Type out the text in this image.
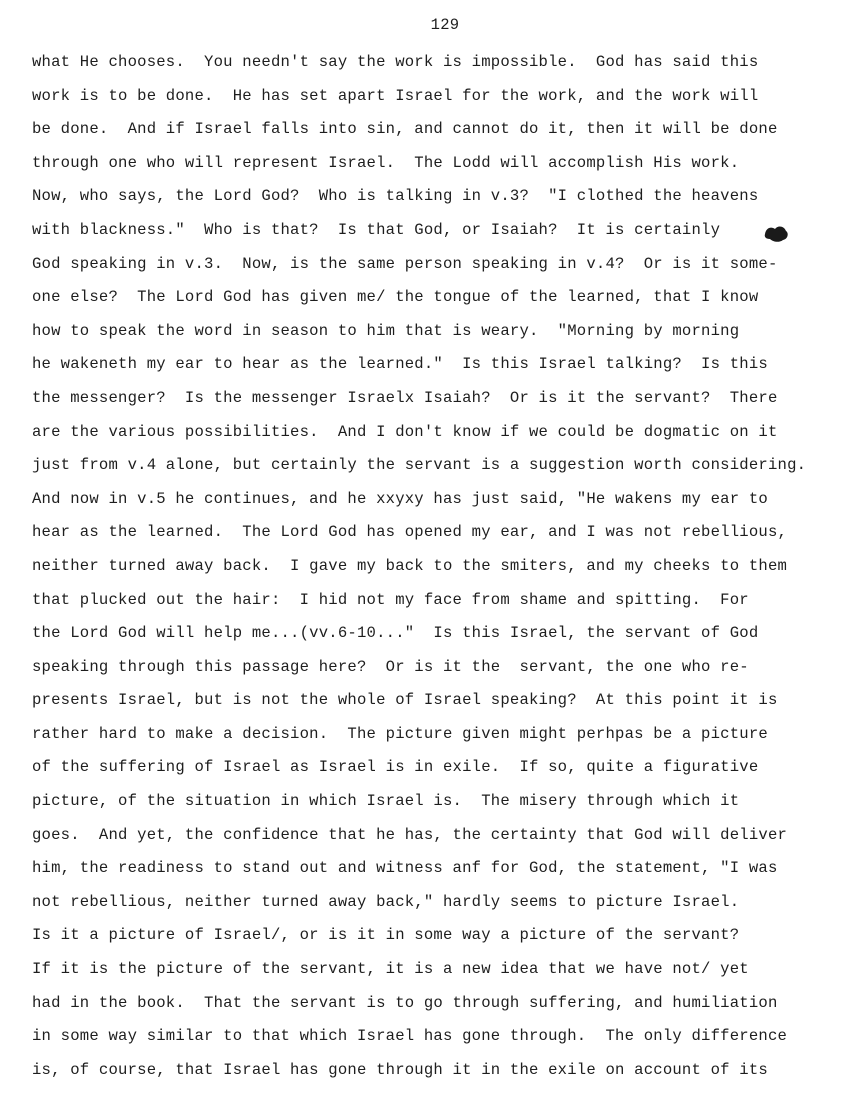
129
what He chooses.  You needn't say the work is impossible.  God has said this
work is to be done.  He has set apart Israel for the work, and the work will
be done.  And if Israel falls into sin, and cannot do it, then it will be done
through one who will represent Israel.  The Lodd will accomplish His work.
Now, who says, the Lord God?  Who is talking in v.3?  "I clothed the heavens
with blackness."  Who is that?  Is that God, or Isaiah?  It is certainly
God speaking in v.3.  Now, is the same person speaking in v.4?  Or is it some-
one else?  The Lord God has given me/ the tongue of the learned, that I know
how to speak the word in season to him that is weary.  "Morning by morning
he wakeneth my ear to hear as the learned."  Is this Israel talking?  Is this
the messenger?  Is the messenger Israelx Isaiah?  Or is it the servant?  There
are the various possibilities.  And I don't know if we could be dogmatic on it
just from v.4 alone, but certainly the servant is a suggestion worth considering.
And now in v.5 he continues, and he xxyxy has just said, "He wakens my ear to
hear as the learned.  The Lord God has opened my ear, and I was not rebellious,
neither turned away back.  I gave my back to the smiters, and my cheeks to them
that plucked out the hair:  I hid not my face from shame and spitting.  For
the Lord God will help me...(vv.6-10..."  Is this Israel, the servant of God
speaking through this passage here?  Or is it the  servant, the one who re-
presents Israel, but is not the whole of Israel speaking?  At this point it is
rather hard to make a decision.  The picture given might perhpas be a picture
of the suffering of Israel as Israel is in exile.  If so, quite a figurative
picture, of the situation in which Israel is.  The misery through which it
goes.  And yet, the confidence that he has, the certainty that God will deliver
him, the readiness to stand out and witness anf for God, the statement, "I was
not rebellious, neither turned away back," hardly seems to picture Israel.
Is it a picture of Israel/, or is it in some way a picture of the servant?
If it is the picture of the servant, it is a new idea that we have not/ yet
had in the book.  That the servant is to go through suffering, and humiliation
in some way similar to that which Israel has gone through.  The only difference
is, of course, that Israel has gone through it in the exile on account of its
